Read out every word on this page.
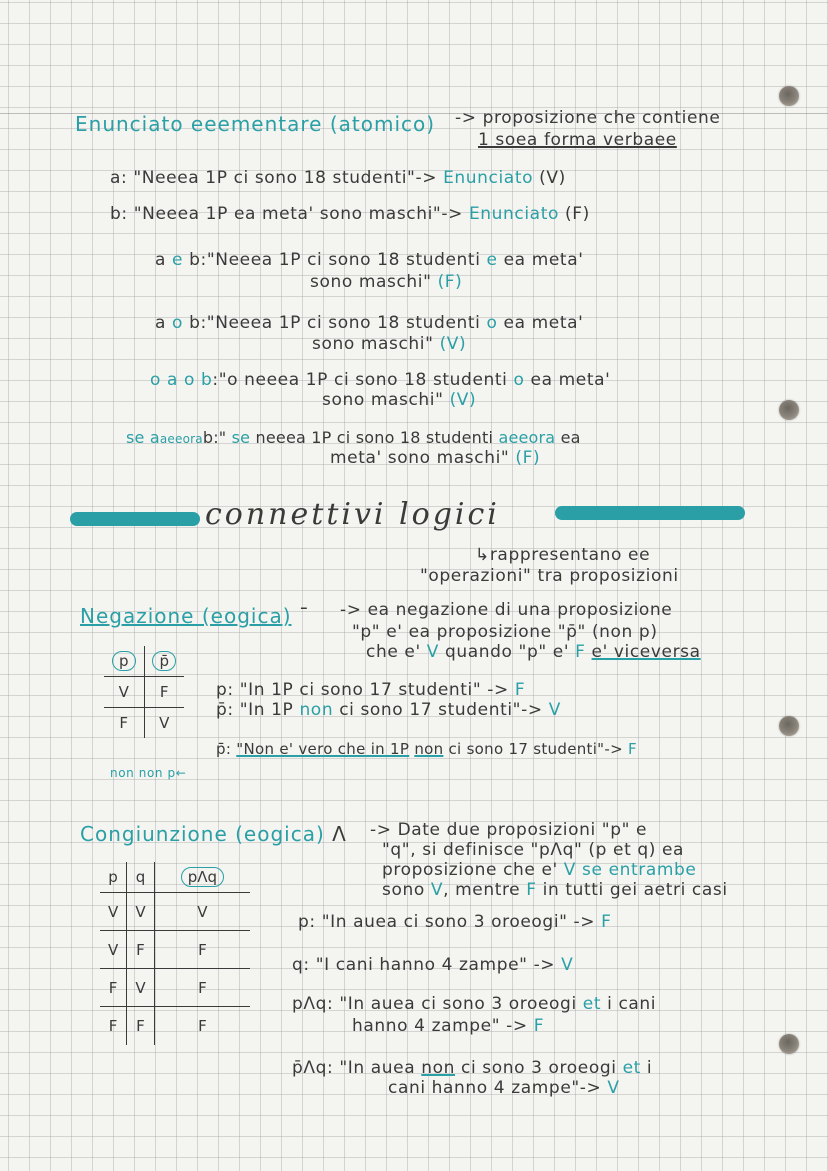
Enunciato eeementare (atomico) -> proposizione che contiene
1 soea forma verbaee
a: "Neeea 1P ci sono 18 studenti"-> Enunciato (V)
b: "Neeea 1P ea meta' sono maschi"-> Enunciato (F)
a e b:"Neeea 1P ci sono 18 studenti e ea meta'
sono maschi" (F)
a o b:"Neeea 1P ci sono 18 studenti o ea meta'
sono maschi" (V)
o a o b:"o neeea 1P ci sono 18 studenti o ea meta'
sono maschi" (V)
se aaeeorab:" se neeea 1P ci sono 18 studenti aeeora ea
meta' sono maschi" (F)
connettivi logici
↳rappresentano ee
"operazioni" tra proposizioni
Negazione (eogica) ¯ -> ea negazione di una proposizione
"p" e' ea proposizione "p̄" (non p)
che e' V quando "p" e' F e' viceversa
p	p̄
V	F
F	V
p: "In 1P ci sono 17 studenti" -> F
p̄: "In 1P non ci sono 17 studenti"-> V
p̄̄: "Non e' vero che in 1P non ci sono 17 studenti"-> F
non non p←
Congiunzione (eogica) Λ -> Date due proposizioni "p" e
"q", si definisce "pΛq" (p et q) ea
proposizione che e' V se entrambe
sono V, mentre F in tutti gei aetri casi
p	q	pΛq
V	V	V
V	F	F
F	V	F
F	F	F
p: "In auea ci sono 3 oroeogi" -> F
q: "I cani hanno 4 zampe" -> V
pΛq: "In auea ci sono 3 oroeogi et i cani
hanno 4 zampe" -> F
p̄Λq: "In auea non ci sono 3 oroeogi et i
cani hanno 4 zampe"-> V
